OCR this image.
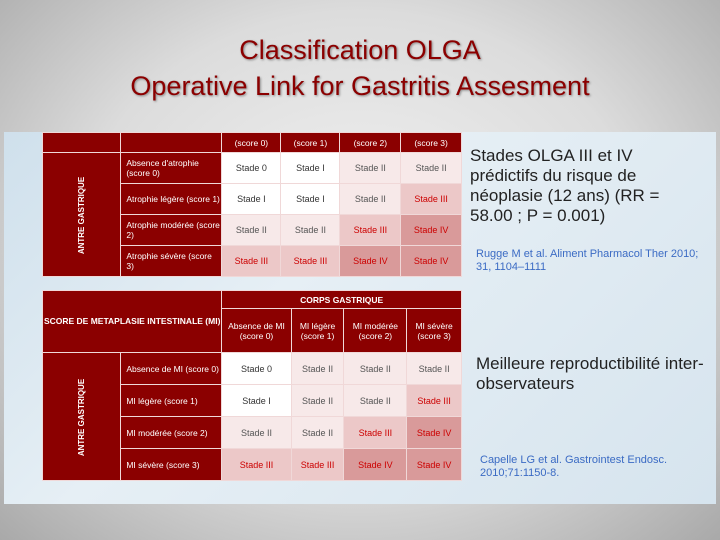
Classification OLGA
Operative Link for Gastritis Assesment
		(score 0)	(score 1)	(score 2)	(score 3)
ANTRE GASTRIQUE	Absence d'atrophie (score 0)	Stade 0	Stade I	Stade II	Stade II
	Atrophie légère (score 1)	Stade I	Stade I	Stade II	Stade III
	Atrophie modérée (score 2)	Stade II	Stade II	Stade III	Stade IV
	Atrophie sévère (score 3)	Stade III	Stade III	Stade IV	Stade IV
SCORE DE METAPLASIE INTESTINALE (MI)		CORPS GASTRIQUE			
		Absence de MI (score 0)	MI légère (score 1)	MI modérée (score 2)	MI sévère (score 3)
ANTRE GASTRIQUE	Absence de MI (score 0)	Stade 0	Stade II	Stade II	Stade II
	MI légère (score 1)	Stade I	Stade II	Stade II	Stade III
	MI modérée (score 2)	Stade II	Stade II	Stade III	Stade IV
	MI sévère (score 3)	Stade III	Stade III	Stade IV	Stade IV
Stades OLGA III et IV prédictifs du risque de néoplasie (12 ans) (RR = 58.00 ; P = 0.001)
Rugge M et al. Aliment Pharmacol Ther 2010; 31, 1104–1111
Meilleure reproductibilité inter-observateurs
Capelle LG et al. Gastrointest Endosc. 2010;71:1150-8.
